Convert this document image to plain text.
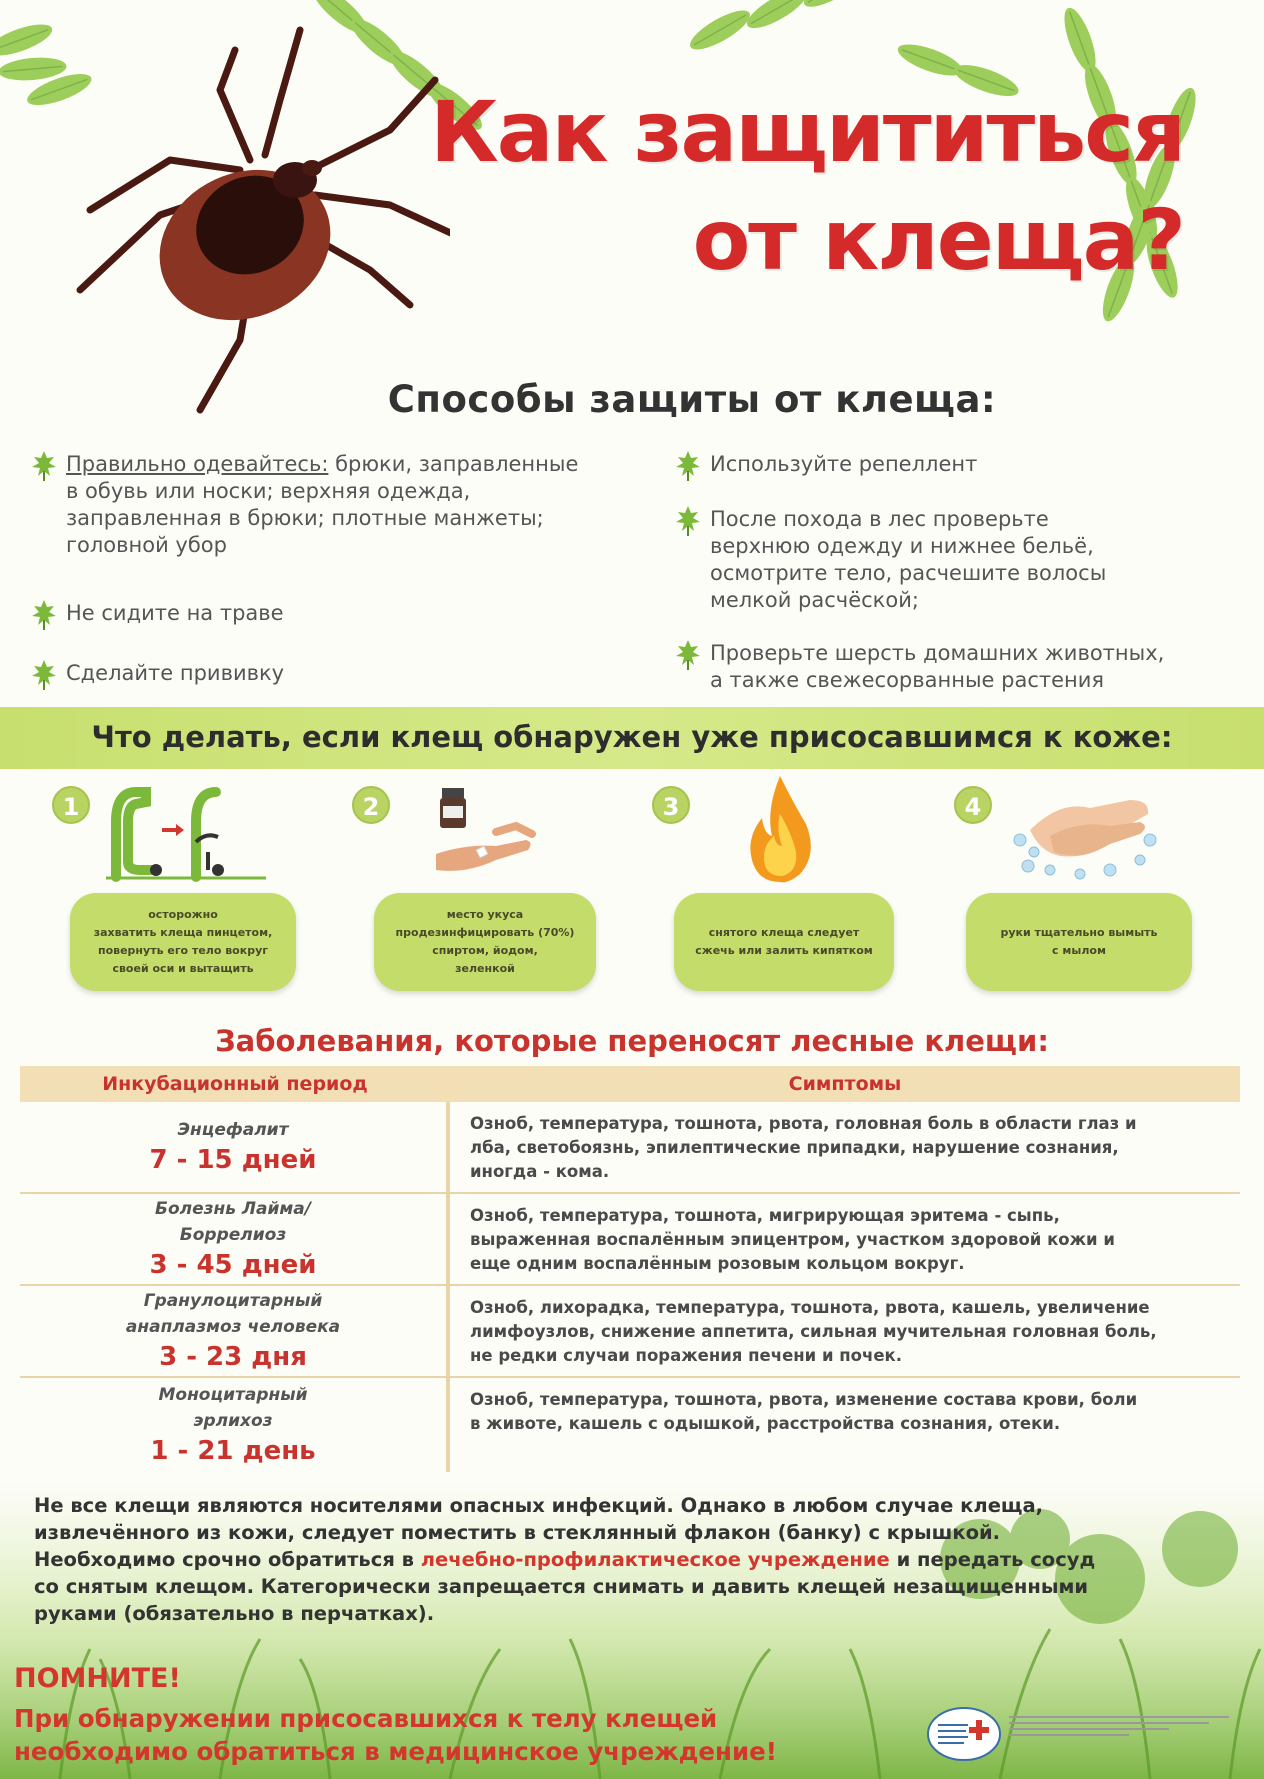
Как защититься
от клеща?
Способы защиты от клеща:
Правильно одевайтесь: брюки, заправленные
в обувь или носки; верхняя одежда,
заправленная в брюки; плотные манжеты;
головной убор
Не сидите на траве
Сделайте прививку
Используйте репеллент
После похода в лес проверьте
верхнюю одежду и нижнее бельё,
осмотрите тело, расчешите волосы
мелкой расчёской;
Проверьте шерсть домашних животных,
а также свежесорванные растения
Что делать, если клещ обнаружен уже присосавшимся к коже:
1
осторожно
захватить клеща пинцетом,
повернуть его тело вокруг
своей оси и вытащить
2
место укуса
продезинфицировать (70%)
спиртом, йодом,
зеленкой
3
снятого клеща следует
сжечь или залить кипятком
4
руки тщательно вымыть
с мылом
Заболевания, которые переносят лесные клещи:
Инкубационный период	Симптомы
Энцефалит
7 - 15 дней
Озноб, температура, тошнота, рвота, головная боль в области глаз и
лба, светобоязнь, эпилептические припадки, нарушение сознания,
иногда - кома.
Болезнь Лайма/
Боррелиоз
3 - 45 дней
Озноб, температура, тошнота, мигрирующая эритема - сыпь,
выраженная воспалённым эпицентром, участком здоровой кожи и
еще одним воспалённым розовым кольцом вокруг.
Гранулоцитарный
анаплазмоз человека
3 - 23 дня
Озноб, лихорадка, температура, тошнота, рвота, кашель, увеличение
лимфоузлов, снижение аппетита, сильная мучительная головная боль,
не редки случаи поражения печени и почек.
Моноцитарный
эрлихоз
1 - 21 день
Озноб, температура, тошнота, рвота, изменение состава крови, боли
в животе, кашель с одышкой, расстройства сознания, отеки.
Не все клещи являются носителями опасных инфекций. Однако в любом случае клеща,
извлечённого из кожи, следует поместить в стеклянный флакон (банку) с крышкой.
Необходимо срочно обратиться в лечебно-профилактическое учреждение и передать сосуд
со снятым клещом. Категорически запрещается снимать и давить клещей незащищенными
руками (обязательно в перчатках).
ПОМНИТЕ!
При обнаружении присосавшихся к телу клещей
необходимо обратиться в медицинское учреждение!
